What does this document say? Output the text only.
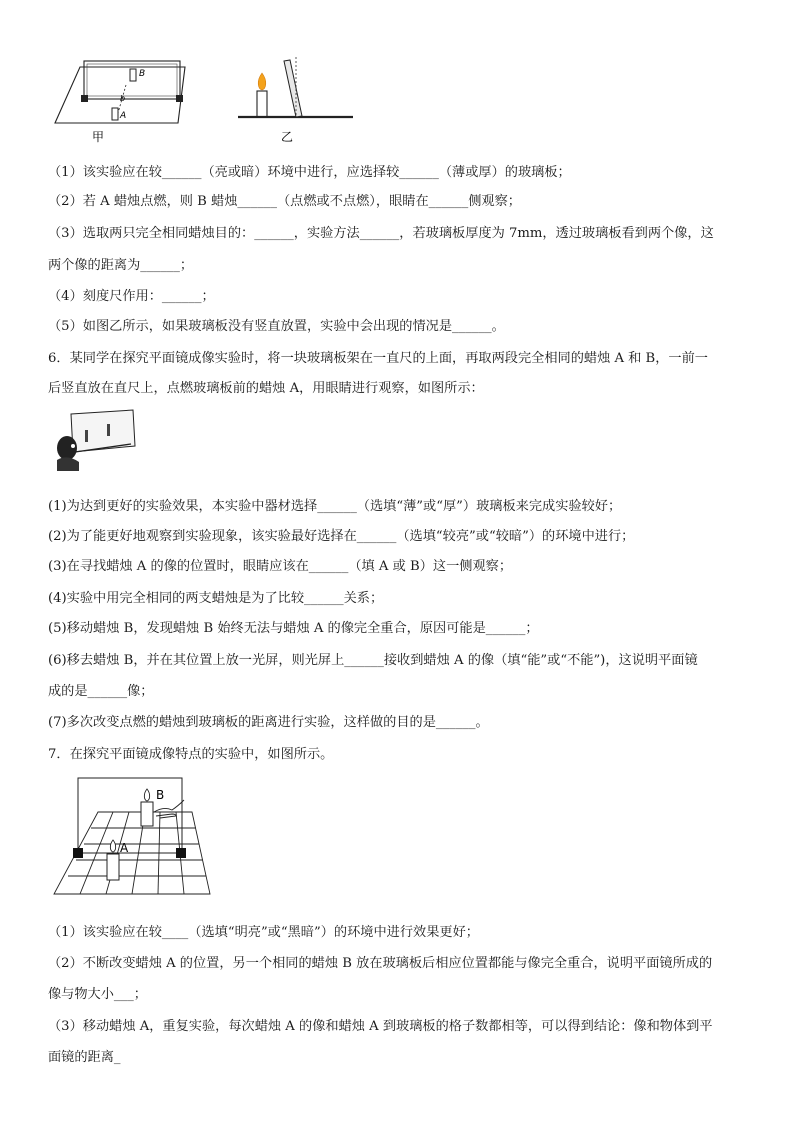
B
b
A
甲	乙
（1）该实验应在较______（亮或暗）环境中进行，应选择较______（薄或厚）的玻璃板；
（2）若 A 蜡烛点燃，则 B 蜡烛______（点燃或不点燃），眼睛在______侧观察；
（3）选取两只完全相同蜡烛目的：______，实验方法______，若玻璃板厚度为 7mm，透过玻璃板看到两个像，这
两个像的距离为______；
（4）刻度尺作用：______；
（5）如图乙所示，如果玻璃板没有竖直放置，实验中会出现的情况是______。
6．某同学在探究平面镜成像实验时，将一块玻璃板架在一直尺的上面，再取两段完全相同的蜡烛 A 和 B，一前一
后竖直放在直尺上，点燃玻璃板前的蜡烛 A，用眼睛进行观察，如图所示：
(1)为达到更好的实验效果，本实验中器材选择______（选填“薄”或“厚”）玻璃板来完成实验较好；
(2)为了能更好地观察到实验现象，该实验最好选择在______（选填“较亮”或“较暗”）的环境中进行；
(3)在寻找蜡烛 A 的像的位置时，眼睛应该在______（填 A 或 B）这一侧观察；
(4)实验中用完全相同的两支蜡烛是为了比较______关系；
(5)移动蜡烛 B，发现蜡烛 B 始终无法与蜡烛 A 的像完全重合，原因可能是______；
(6)移去蜡烛 B，并在其位置上放一光屏，则光屏上______接收到蜡烛 A 的像（填“能”或“不能”)，这说明平面镜
成的是______像；
(7)多次改变点燃的蜡烛到玻璃板的距离进行实验，这样做的目的是______。
7．在探究平面镜成像特点的实验中，如图所示。
B
A
（1）该实验应在较____（选填“明亮”或“黑暗”）的环境中进行效果更好；
（2）不断改变蜡烛 A 的位置，另一个相同的蜡烛 B 放在玻璃板后相应位置都能与像完全重合，说明平面镜所成的
像与物大小___；
（3）移动蜡烛 A，重复实验，每次蜡烛 A 的像和蜡烛 A 到玻璃板的格子数都相等，可以得到结论：像和物体到平
面镜的距离_
